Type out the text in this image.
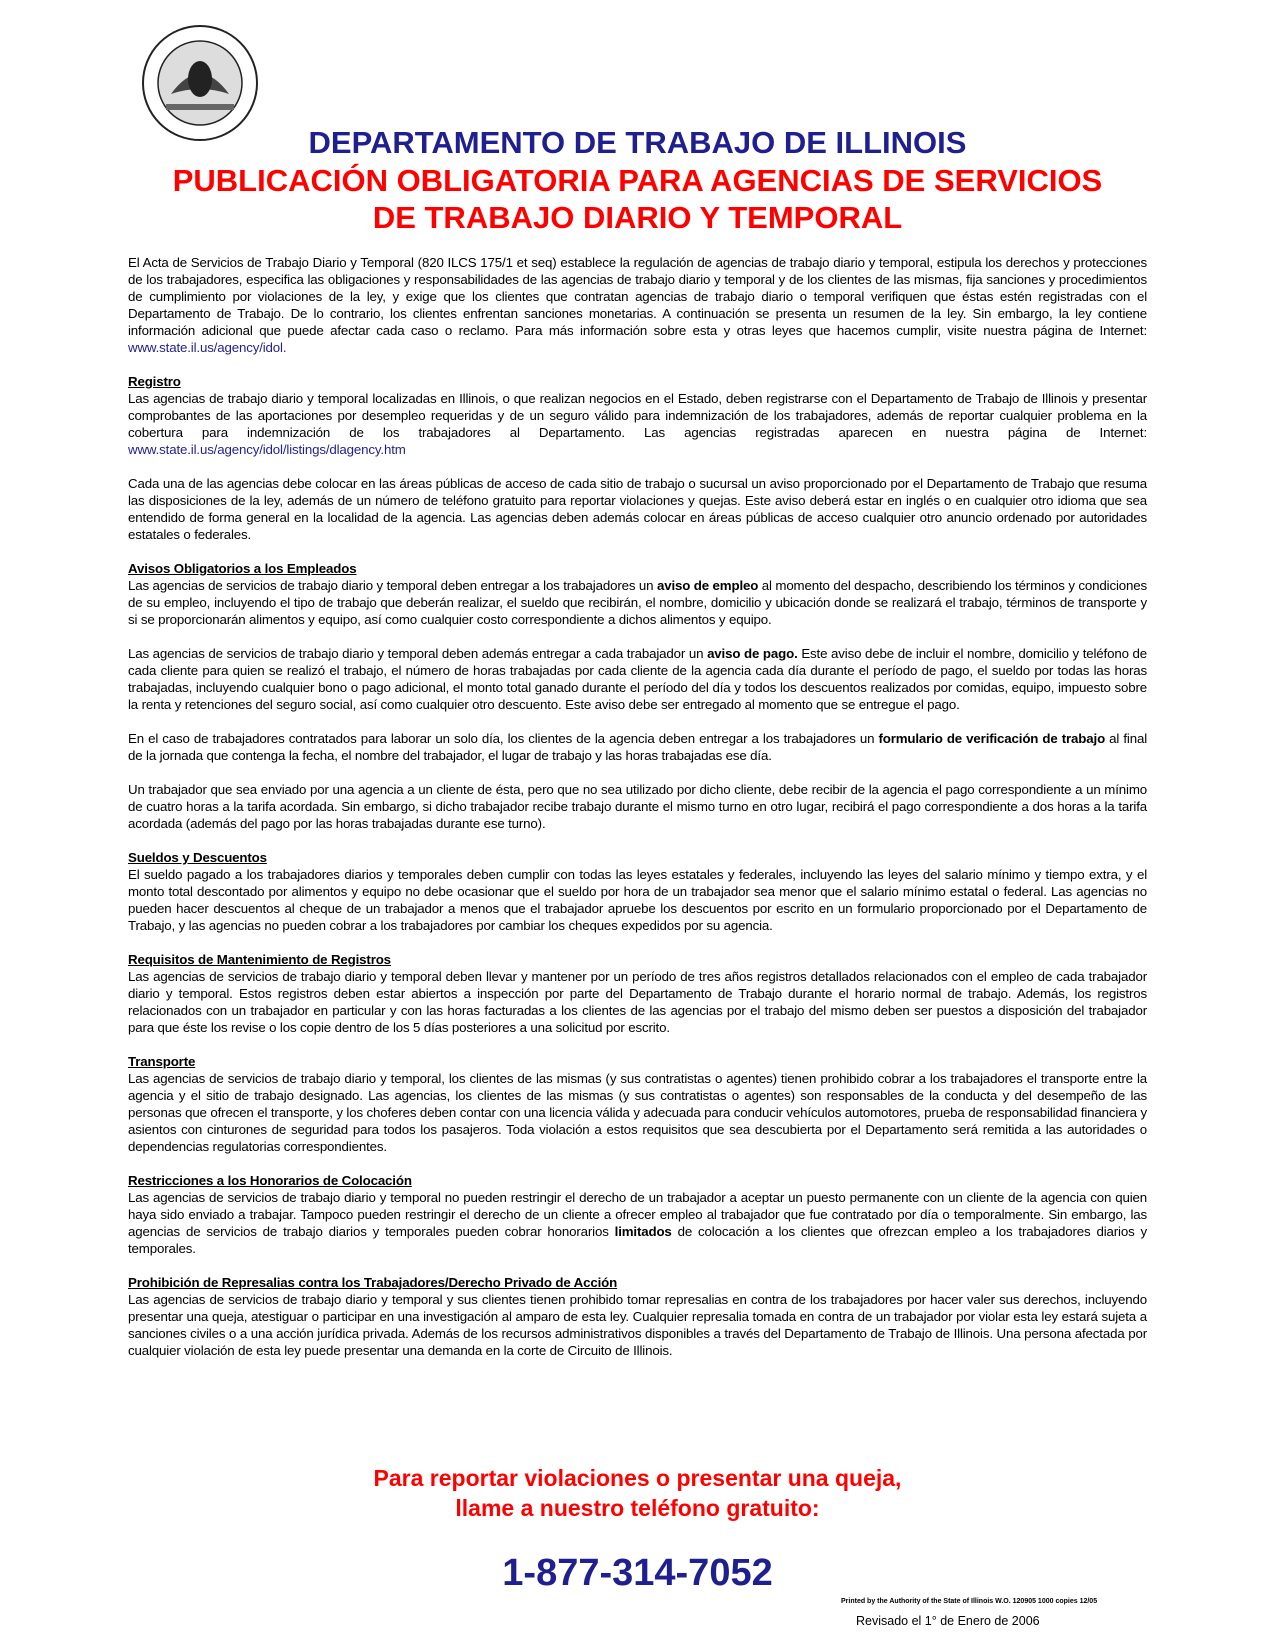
DEPARTAMENTO DE TRABAJO DE ILLINOIS
PUBLICACIÓN OBLIGATORIA PARA AGENCIAS DE SERVICIOS
DE TRABAJO DIARIO Y TEMPORAL

El Acta de Servicios de Trabajo Diario y Temporal (820 ILCS 175/1 et seq) establece la regulación de agencias de trabajo diario y temporal, estipula los derechos y protecciones de los trabajadores, especifica las obligaciones y responsabilidades de las agencias de trabajo diario y temporal y de los clientes de las mismas, fija sanciones y procedimientos de cumplimiento por violaciones de la ley, y exige que los clientes que contratan agencias de trabajo diario o temporal verifiquen que éstas estén registradas con el Departamento de Trabajo. De lo contrario, los clientes enfrentan sanciones monetarias. A continuación se presenta un resumen de la ley. Sin embargo, la ley contiene información adicional que puede afectar cada caso o reclamo. Para más información sobre esta y otras leyes que hacemos cumplir, visite nuestra página de Internet: www.state.il.us/agency/idol.

Registro
Las agencias de trabajo diario y temporal localizadas en Illinois, o que realizan negocios en el Estado, deben registrarse con el Departamento de Trabajo de Illinois y presentar comprobantes de las aportaciones por desempleo requeridas y de un seguro válido para indemnización de los trabajadores, además de reportar cualquier problema en la cobertura para indemnización de los trabajadores al Departamento. Las agencias registradas aparecen en nuestra página de Internet: www.state.il.us/agency/idol/listings/dlagency.htm

Cada una de las agencias debe colocar en las áreas públicas de acceso de cada sitio de trabajo o sucursal un aviso proporcionado por el Departamento de Trabajo que resuma las disposiciones de la ley, además de un número de teléfono gratuito para reportar violaciones y quejas. Este aviso deberá estar en inglés o en cualquier otro idioma que sea entendido de forma general en la localidad de la agencia. Las agencias deben además colocar en áreas públicas de acceso cualquier otro anuncio ordenado por autoridades estatales o federales.

Avisos Obligatorios a los Empleados
Las agencias de servicios de trabajo diario y temporal deben entregar a los trabajadores un aviso de empleo al momento del despacho, describiendo los términos y condiciones de su empleo, incluyendo el tipo de trabajo que deberán realizar, el sueldo que recibirán, el nombre, domicilio y ubicación donde se realizará el trabajo, términos de transporte y si se proporcionarán alimentos y equipo, así como cualquier costo correspondiente a dichos alimentos y equipo.

Las agencias de servicios de trabajo diario y temporal deben además entregar a cada trabajador un aviso de pago. Este aviso debe de incluir el nombre, domicilio y teléfono de cada cliente para quien se realizó el trabajo, el número de horas trabajadas por cada cliente de la agencia cada día durante el período de pago, el sueldo por todas las horas trabajadas, incluyendo cualquier bono o pago adicional, el monto total ganado durante el período del día y todos los descuentos realizados por comidas, equipo, impuesto sobre la renta y retenciones del seguro social, así como cualquier otro descuento. Este aviso debe ser entregado al momento que se entregue el pago.

En el caso de trabajadores contratados para laborar un solo día, los clientes de la agencia deben entregar a los trabajadores un formulario de verificación de trabajo al final de la jornada que contenga la fecha, el nombre del trabajador, el lugar de trabajo y las horas trabajadas ese día.

Un trabajador que sea enviado por una agencia a un cliente de ésta, pero que no sea utilizado por dicho cliente, debe recibir de la agencia el pago correspondiente a un mínimo de cuatro horas a la tarifa acordada. Sin embargo, si dicho trabajador recibe trabajo durante el mismo turno en otro lugar, recibirá el pago correspondiente a dos horas a la tarifa acordada (además del pago por las horas trabajadas durante ese turno).

Sueldos y Descuentos
El sueldo pagado a los trabajadores diarios y temporales deben cumplir con todas las leyes estatales y federales, incluyendo las leyes del salario mínimo y tiempo extra, y el monto total descontado por alimentos y equipo no debe ocasionar que el sueldo por hora de un trabajador sea menor que el salario mínimo estatal o federal. Las agencias no pueden hacer descuentos al cheque de un trabajador a menos que el trabajador apruebe los descuentos por escrito en un formulario proporcionado por el Departamento de Trabajo, y las agencias no pueden cobrar a los trabajadores por cambiar los cheques expedidos por su agencia.

Requisitos de Mantenimiento de Registros
Las agencias de servicios de trabajo diario y temporal deben llevar y mantener por un período de tres años registros detallados relacionados con el empleo de cada trabajador diario y temporal. Estos registros deben estar abiertos a inspección por parte del Departamento de Trabajo durante el horario normal de trabajo. Además, los registros relacionados con un trabajador en particular y con las horas facturadas a los clientes de las agencias por el trabajo del mismo deben ser puestos a disposición del trabajador para que éste los revise o los copie dentro de los 5 días posteriores a una solicitud por escrito.

Transporte
Las agencias de servicios de trabajo diario y temporal, los clientes de las mismas (y sus contratistas o agentes) tienen prohibido cobrar a los trabajadores el transporte entre la agencia y el sitio de trabajo designado. Las agencias, los clientes de las mismas (y sus contratistas o agentes) son responsables de la conducta y del desempeño de las personas que ofrecen el transporte, y los choferes deben contar con una licencia válida y adecuada para conducir vehículos automotores, prueba de responsabilidad financiera y asientos con cinturones de seguridad para todos los pasajeros. Toda violación a estos requisitos que sea descubierta por el Departamento será remitida a las autoridades o dependencias regulatorias correspondientes.

Restricciones a los Honorarios de Colocación
Las agencias de servicios de trabajo diario y temporal no pueden restringir el derecho de un trabajador a aceptar un puesto permanente con un cliente de la agencia con quien haya sido enviado a trabajar. Tampoco pueden restringir el derecho de un cliente a ofrecer empleo al trabajador que fue contratado por día o temporalmente. Sin embargo, las agencias de servicios de trabajo diarios y temporales pueden cobrar honorarios limitados de colocación a los clientes que ofrezcan empleo a los trabajadores diarios y temporales.

Prohibición de Represalias contra los Trabajadores/Derecho Privado de Acción
Las agencias de servicios de trabajo diario y temporal y sus clientes tienen prohibido tomar represalias en contra de los trabajadores por hacer valer sus derechos, incluyendo presentar una queja, atestiguar o participar en una investigación al amparo de esta ley. Cualquier represalia tomada en contra de un trabajador por violar esta ley estará sujeta a sanciones civiles o a una acción jurídica privada. Además de los recursos administrativos disponibles a través del Departamento de Trabajo de Illinois. Una persona afectada por cualquier violación de esta ley puede presentar una demanda en la corte de Circuito de Illinois.

Para reportar violaciones o presentar una queja,
llame a nuestro teléfono gratuito:
1-877-314-7052
Printed by the Authority of the State of Illinois W.O. 120905 1000 copies 12/05
Revisado el 1° de Enero de 2006
